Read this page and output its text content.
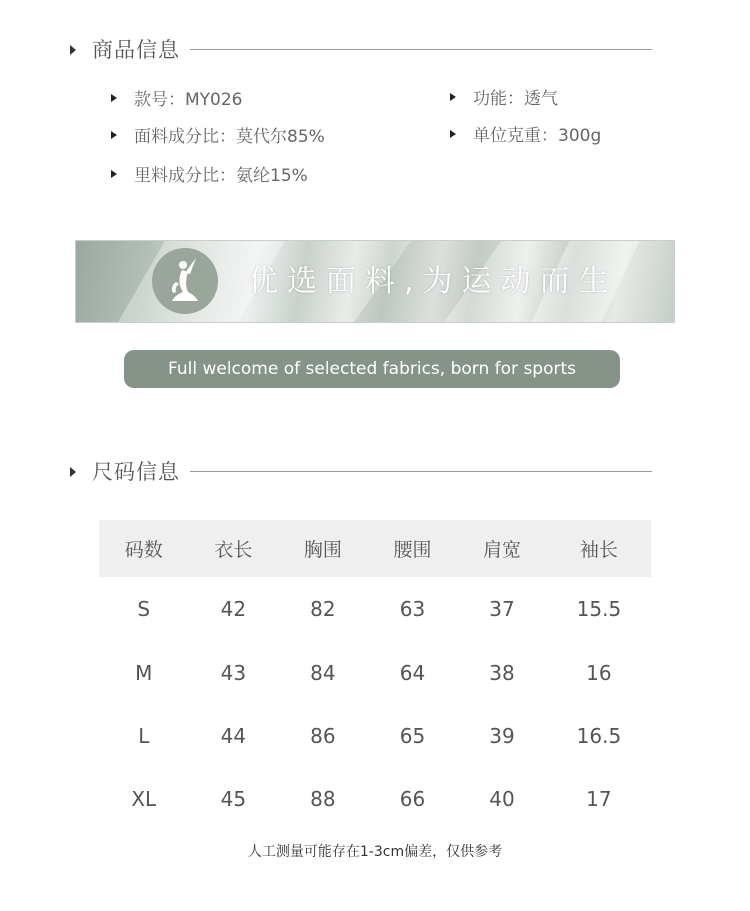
商品信息
款号：MY026	功能：透气
面料成分比：莫代尔85%	单位克重：300g
里料成分比：氨纶15%
优选面料,为运动而生
Full welcome of selected fabrics, born for sports
尺码信息
码数	衣长	胸围	腰围	肩宽	袖长
S	42	82	63	37	15.5
M	43	84	64	38	16
L	44	86	65	39	16.5
XL	45	88	66	40	17
人工测量可能存在1-3cm偏差，仅供参考
